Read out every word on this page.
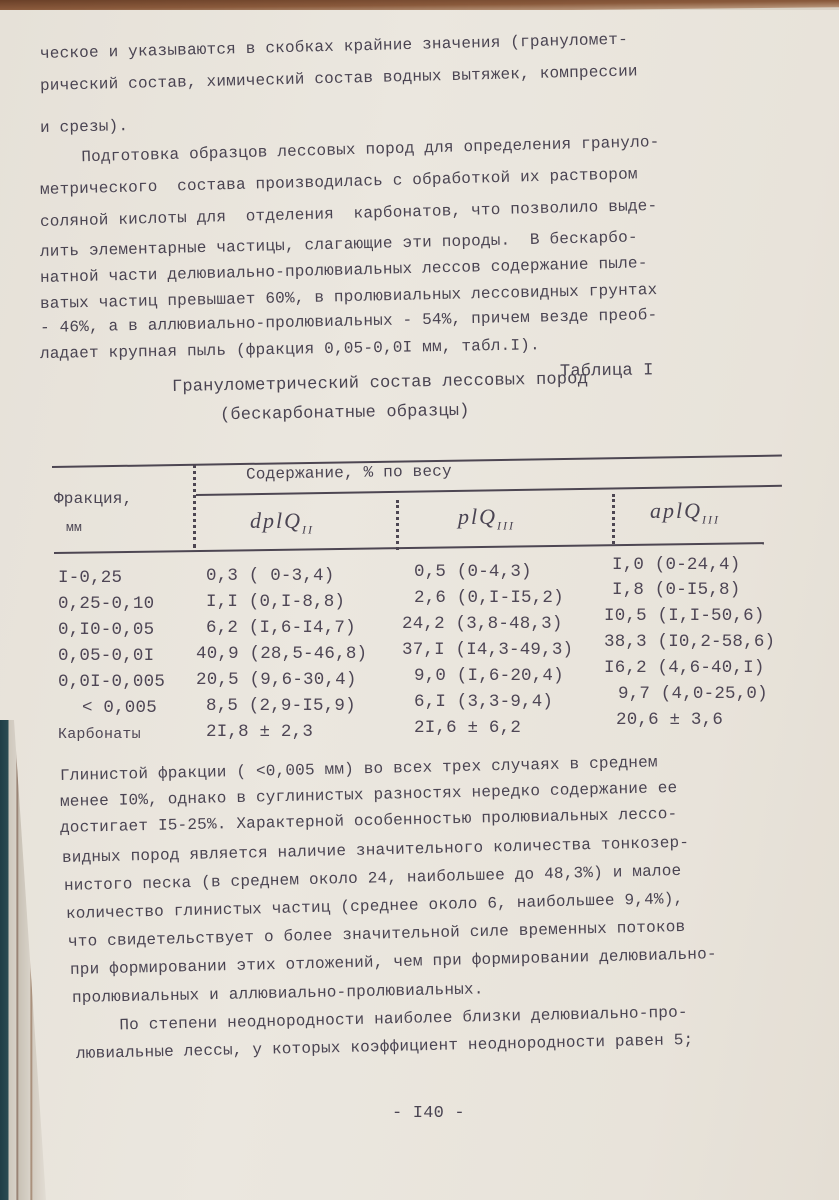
ческое и указываются в скобках крайние значения (грануломет-
рический состав, химический состав водных вытяжек, компрессии
и срезы).
Подготовка образцов лессовых пород для определения грануло-
метрического  состава производилась с обработкой их раствором
соляной кислоты для  отделения  карбонатов, что позволило выде-
лить элементарные частицы, слагающие эти породы.  В бескарбо-
натной части делювиально-пролювиальных лессов содержание пыле-
ватых частиц превышает 60%, в пролювиальных лессовидных грунтах
- 46%, а в аллювиально-пролювиальных - 54%, причем везде преоб-
ладает крупная пыль (фракция 0,05-0,0I мм, табл.I).
Таблица I
Гранулометрический состав лессовых пород
(бескарбонатные образцы)
Фракция,
мм
Содержание, % по весу
dplQ$_{II}$
plQ$_{III}$
aplQ$_{III}$
I-0,25	0,3 ( 0-3,4)	0,5 (0-4,3)	I,0 (0-24,4)
0,25-0,10	I,I (0,I-8,8)	2,6 (0,I-I5,2)	I,8 (0-I5,8)
0,I0-0,05	6,2 (I,6-I4,7)	24,2 (3,8-48,3) I0,5 (I,I-50,6)
0,05-0,0I 40,9 (28,5-46,8) 37,I (I4,3-49,3) 38,3 (I0,2-58,6)
0,0I-0,005 20,5 (9,6-30,4)	9,0 (I,6-20,4) I6,2 (4,6-40,I)
< 0,005	8,5 (2,9-I5,9)	6,I (3,3-9,4)	9,7 (4,0-25,0)
Карбонаты	2I,8 ± 2,3	2I,6 ± 6,2	20,6 ± 3,6
Глинистой фракции ( <0,005 мм) во всех трех случаях в среднем
менее I0%, однако в суглинистых разностях нередко содержание ее
достигает I5-25%. Характерной особенностью пролювиальных лессо-
видных пород является наличие значительного количества тонкозер-
нистого песка (в среднем около 24, наибольшее до 48,3%) и малое
количество глинистых частиц (среднее около 6, наибольшее 9,4%),
что свидетельствует о более значительной силе временных потоков
при формировании этих отложений, чем при формировании делювиально-
пролювиальных и аллювиально-пролювиальных.
По степени неоднородности наиболее близки делювиально-про-
лювиальные лессы, у которых коэффициент неоднородности равен 5;
- I40 -
